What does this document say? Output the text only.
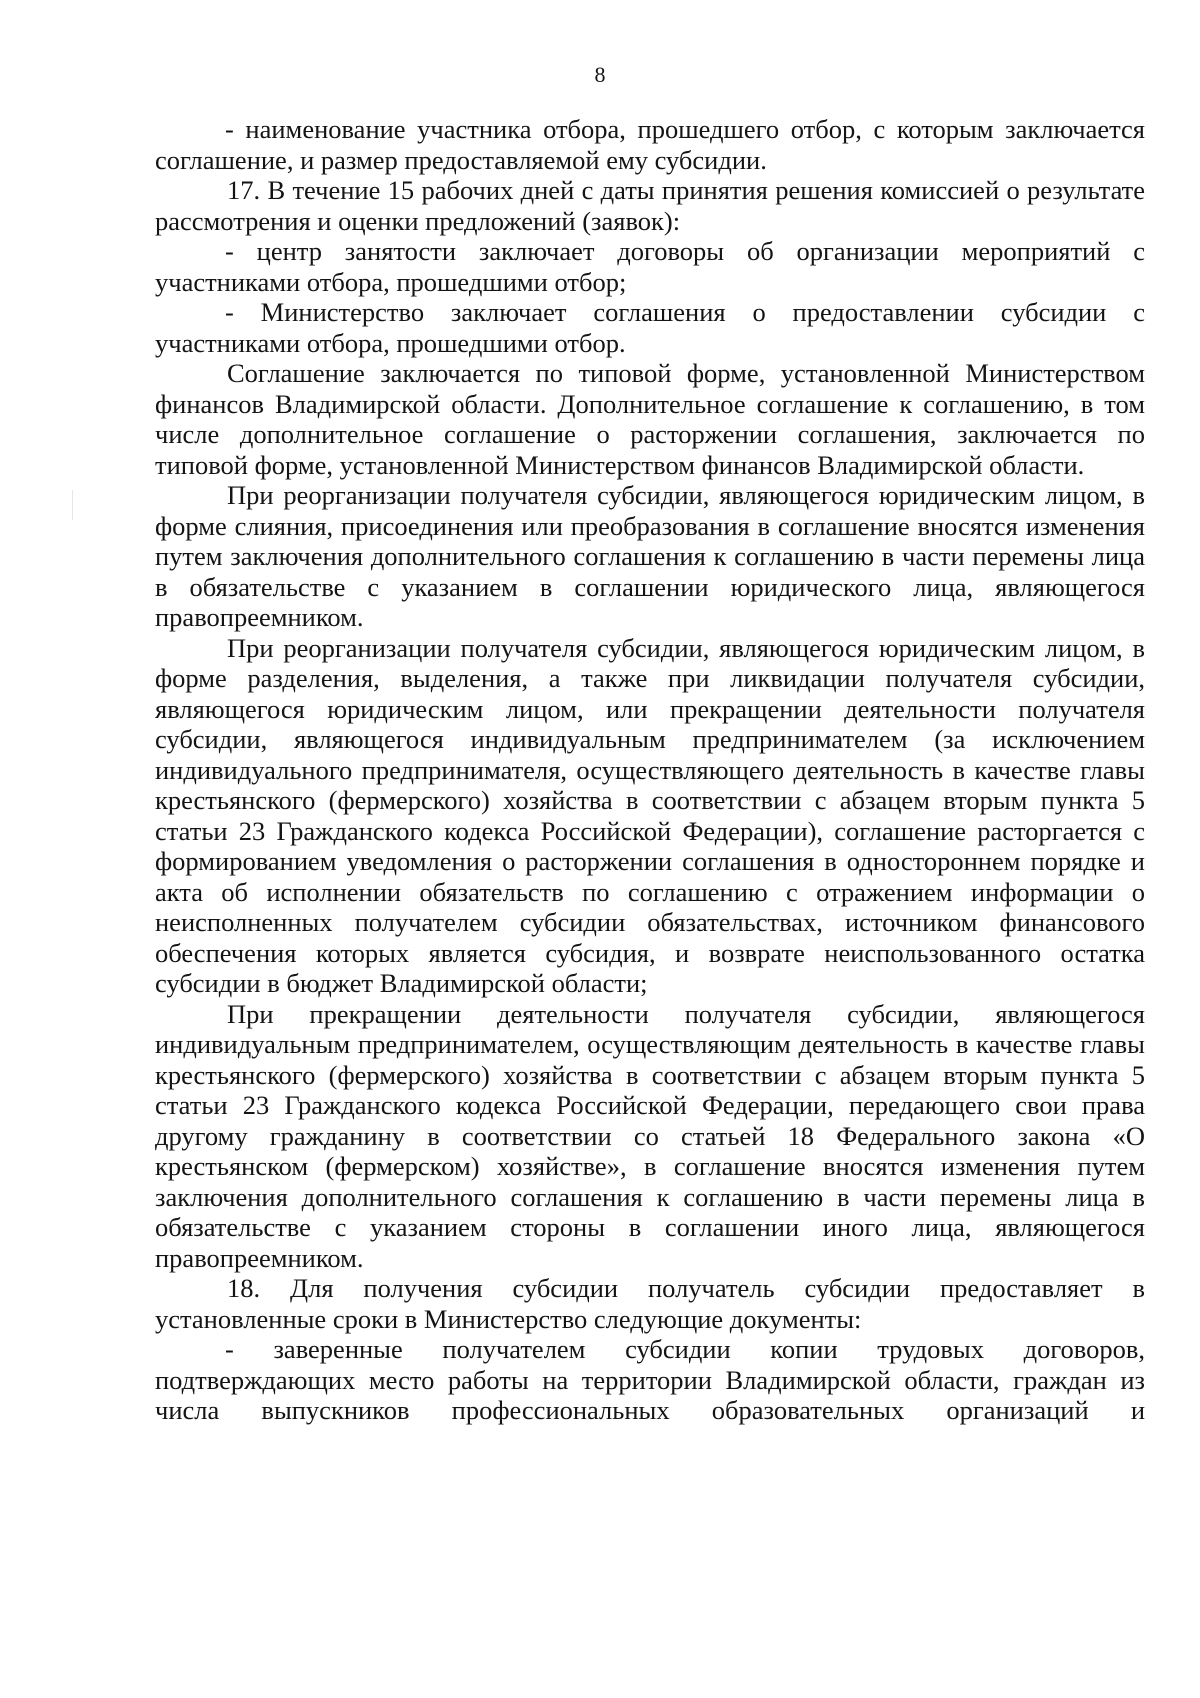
8

- наименование участника отбора, прошедшего отбор, с которым заключается соглашение, и размер предоставляемой ему субсидии.

17. В течение 15 рабочих дней с даты принятия решения комиссией о результате рассмотрения и оценки предложений (заявок):

- центр занятости заключает договоры об организации мероприятий с участниками отбора, прошедшими отбор;

- Министерство заключает соглашения о предоставлении субсидии с участниками отбора, прошедшими отбор.

Соглашение заключается по типовой форме, установленной Министерством финансов Владимирской области. Дополнительное соглашение к соглашению, в том числе дополнительное соглашение о расторжении соглашения, заключается по типовой форме, установленной Министерством финансов Владимирской области.

При реорганизации получателя субсидии, являющегося юридическим лицом, в форме слияния, присоединения или преобразования в соглашение вносятся изменения путем заключения дополнительного соглашения к соглашению в части перемены лица в обязательстве с указанием в соглашении юридического лица, являющегося правопреемником.

При реорганизации получателя субсидии, являющегося юридическим лицом, в форме разделения, выделения, а также при ликвидации получателя субсидии, являющегося юридическим лицом, или прекращении деятельности получателя субсидии, являющегося индивидуальным предпринимателем (за исключением индивидуального предпринимателя, осуществляющего деятельность в качестве главы крестьянского (фермерского) хозяйства в соответствии с абзацем вторым пункта 5 статьи 23 Гражданского кодекса Российской Федерации), соглашение расторгается с формированием уведомления о расторжении соглашения в одностороннем порядке и акта об исполнении обязательств по соглашению с отражением информации о неисполненных получателем субсидии обязательствах, источником финансового обеспечения которых является субсидия, и возврате неиспользованного остатка субсидии в бюджет Владимирской области;

При прекращении деятельности получателя субсидии, являющегося индивидуальным предпринимателем, осуществляющим деятельность в качестве главы крестьянского (фермерского) хозяйства в соответствии с абзацем вторым пункта 5 статьи 23 Гражданского кодекса Российской Федерации, передающего свои права другому гражданину в соответствии со статьей 18 Федерального закона «О крестьянском (фермерском) хозяйстве», в соглашение вносятся изменения путем заключения дополнительного соглашения к соглашению в части перемены лица в обязательстве с указанием стороны в соглашении иного лица, являющегося правопреемником.

18. Для получения субсидии получатель субсидии предоставляет в установленные сроки в Министерство следующие документы:

- заверенные получателем субсидии копии трудовых договоров, подтверждающих место работы на территории Владимирской области, граждан из числа выпускников профессиональных образовательных организаций и
